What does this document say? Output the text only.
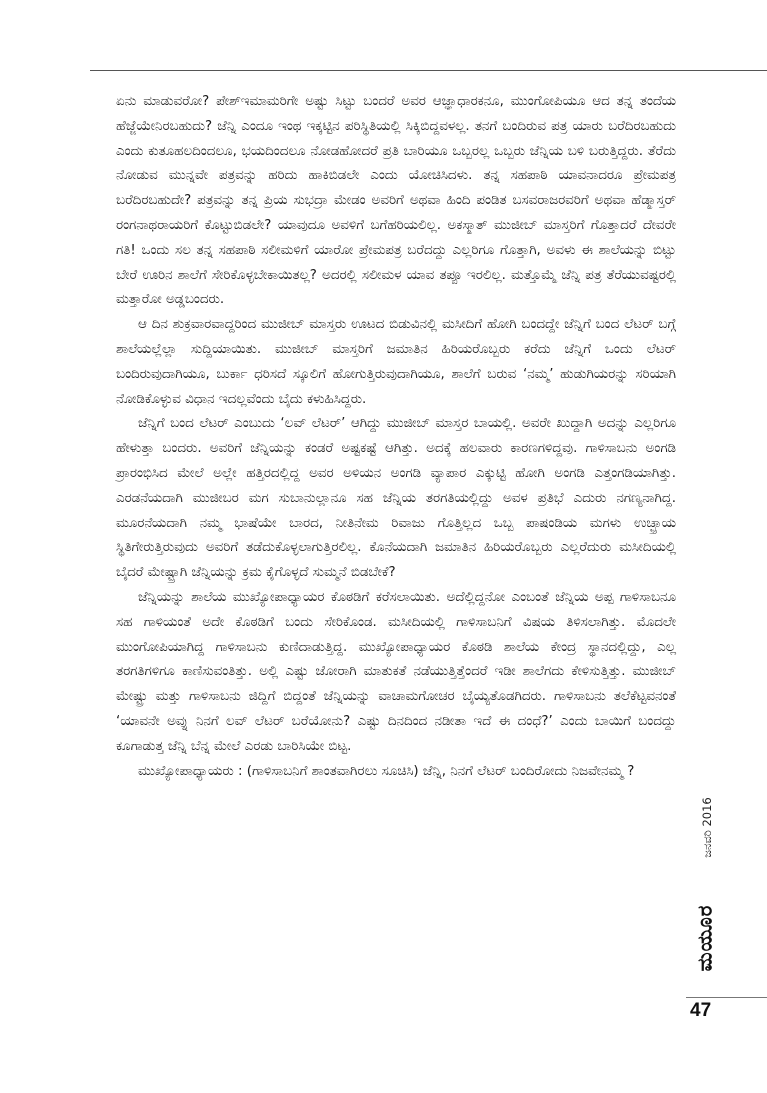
ಏನು ಮಾಡುವರೋ? ಪೇಶ್ಇಮಾಮರಿಗೇ ಅಷ್ಟು ಸಿಟ್ಟು ಬಂದರೆ ಅವರ ಆಜ್ಞಾಧಾರಕನೂ, ಮುಂಗೋಪಿಯೂ ಆದ ತನ್ನ ತಂದೆಯ ಹೆಜ್ಜೆಯೇನಿರಬಹುದು? ಜೆನ್ನಿ ಎಂದೂ ಇಂಥ ಇಕ್ಕಟ್ಟಿನ ಪರಿಸ್ಥಿತಿಯಲ್ಲಿ ಸಿಕ್ಕಿಬಿದ್ದವಳಲ್ಲ. ತನಗೆ ಬಂದಿರುವ ಪತ್ರ ಯಾರು ಬರೆದಿರಬಹುದು ಎಂದು ಕುತೂಹಲದಿಂದಲೂ, ಭಯದಿಂದಲೂ ನೋಡಹೋದರೆ ಪ್ರತಿ ಬಾರಿಯೂ ಒಬ್ಬರಲ್ಲ ಒಬ್ಬರು ಜೆನ್ನಿಯ ಬಳಿ ಬರುತ್ತಿದ್ದರು. ತೆರೆದು ನೋಡುವ ಮುನ್ನವೇ ಪತ್ರವನ್ನು ಹರಿದು ಹಾಕಿಬಿಡಲೇ ಎಂದು ಯೋಚಿಸಿದಳು. ತನ್ನ ಸಹಪಾಠಿ ಯಾವನಾದರೂ ಪ್ರೇಮಪತ್ರ ಬರೆದಿರಬಹುದೇ? ಪತ್ರವನ್ನು ತನ್ನ ಪ್ರಿಯ ಸುಭದ್ರಾ ಮೇಡಂ ಅವರಿಗೆ ಅಥವಾ ಹಿಂದಿ ಪಂಡಿತ ಬಸವರಾಜರವರಿಗೆ ಅಥವಾ ಹೆಡ್ಮಾಸ್ತರ್ ರಂಗನಾಥರಾಯರಿಗೆ ಕೊಟ್ಟುಬಿಡಲೇ? ಯಾವುದೂ ಅವಳಿಗೆ ಬಗೆಹರಿಯಲಿಲ್ಲ. ಅಕಸ್ಮಾತ್ ಮುಜೀಬ್ ಮಾಸ್ತರಿಗೆ ಗೊತ್ತಾದರೆ ದೇವರೇ ಗತಿ! ಒಂದು ಸಲ ತನ್ನ ಸಹಪಾಠಿ ಸಲೀಮಳಿಗೆ ಯಾರೋ ಪ್ರೇಮಪತ್ರ ಬರೆದದ್ದು ಎಲ್ಲರಿಗೂ ಗೊತ್ತಾಗಿ, ಅವಳು ಈ ಶಾಲೆಯನ್ನು ಬಿಟ್ಟು ಬೇರೆ ಊರಿನ ಶಾಲೆಗೆ ಸೇರಿಕೊಳ್ಳಬೇಕಾಯಿತಲ್ಲ? ಅದರಲ್ಲಿ ಸಲೀಮಳ ಯಾವ ತಪ್ಪೂ ಇರಲಿಲ್ಲ. ಮತ್ತೊಮ್ಮೆ ಜೆನ್ನಿ ಪತ್ರ ತೆರೆಯುವಷ್ಟರಲ್ಲಿ ಮತ್ತಾರೋ ಅಡ್ಡಬಂದರು.

ಆ ದಿನ ಶುಕ್ರವಾರವಾದ್ದರಿಂದ ಮುಜೀಬ್ ಮಾಸ್ತರು ಊಟದ ಬಿಡುವಿನಲ್ಲಿ ಮಸೀದಿಗೆ ಹೋಗಿ ಬಂದದ್ದೇ ಜೆನ್ನಿಗೆ ಬಂದ ಲೆಟರ್ ಬಗ್ಗೆ ಶಾಲೆಯಲ್ಲೆಲ್ಲಾ ಸುದ್ದಿಯಾಯಿತು. ಮುಜೀಬ್ ಮಾಸ್ತರಿಗೆ ಜಮಾತಿನ ಹಿರಿಯರೊಬ್ಬರು ಕರೆದು ಜೆನ್ನಿಗೆ ಒಂದು ಲೆಟರ್ ಬಂದಿರುವುದಾಗಿಯೂ, ಬುರ್ಕಾ ಧರಿಸದೆ ಸ್ಕೂಲಿಗೆ ಹೋಗುತ್ತಿರುವುದಾಗಿಯೂ, ಶಾಲೆಗೆ ಬರುವ ‘ನಮ್ಮ’ ಹುಡುಗಿಯರನ್ನು ಸರಿಯಾಗಿ ನೋಡಿಕೊಳ್ಳುವ ವಿಧಾನ ಇದಲ್ಲವೆಂದು ಬೈದು ಕಳುಹಿಸಿದ್ದರು.

ಜೆನ್ನಿಗೆ ಬಂದ ಲೆಟರ್ ಎಂಬುದು ‘ಲವ್ ಲೆಟರ್’ ಆಗಿದ್ದು ಮುಜೀಬ್ ಮಾಸ್ತರ ಬಾಯಲ್ಲಿ. ಅವರೇ ಖುದ್ದಾಗಿ ಅದನ್ನು ಎಲ್ಲರಿಗೂ ಹೇಳುತ್ತಾ ಬಂದರು. ಅವರಿಗೆ ಜೆನ್ನಿಯನ್ನು ಕಂಡರೆ ಅಷ್ಟಕಷ್ಟೆ ಆಗಿತ್ತು. ಅದಕ್ಕೆ ಹಲವಾರು ಕಾರಣಗಳಿದ್ದವು. ಗಾಳಿಸಾಬನು ಅಂಗಡಿ ಪ್ರಾರಂಭಿಸಿದ ಮೇಲೆ ಅಲ್ಲೇ ಹತ್ತಿರದಲ್ಲಿದ್ದ ಅವರ ಅಳಿಯನ ಅಂಗಡಿ ವ್ಯಾಪಾರ ಎಕ್ಕುಟ್ಟಿ ಹೋಗಿ ಅಂಗಡಿ ಎತ್ತಂಗಡಿಯಾಗಿತ್ತು. ಎರಡನೆಯದಾಗಿ ಮುಜೀಬರ ಮಗ ಸುಬಾನುಲ್ಲಾನೂ ಸಹ ಜೆನ್ನಿಯ ತರಗತಿಯಲ್ಲಿದ್ದು ಅವಳ ಪ್ರತಿಭೆ ಎದುರು ನಗಣ್ಯನಾಗಿದ್ದ. ಮೂರನೆಯದಾಗಿ ನಮ್ಮ ಭಾಷೆಯೇ ಬಾರದ, ನೀತಿನೇಮ ರಿವಾಜು ಗೊತ್ತಿಲ್ಲದ ಒಬ್ಬ ಪಾಷಂಡಿಯ ಮಗಳು ಉಚ್ಛ್ರಾಯ ಸ್ಥಿತಿಗೇರುತ್ತಿರುವುದು ಅವರಿಗೆ ತಡೆದುಕೊಳ್ಳಲಾಗುತ್ತಿರಲಿಲ್ಲ. ಕೊನೆಯದಾಗಿ ಜಮಾತಿನ ಹಿರಿಯರೊಬ್ಬರು ಎಲ್ಲರೆದುರು ಮಸೀದಿಯಲ್ಲಿ ಬೈದರೆ ಮೇಷ್ಟ್ರಾಗಿ ಜೆನ್ನಿಯನ್ನು ಕ್ರಮ ಕೈಗೊಳ್ಳದೆ ಸುಮ್ಮನೆ ಬಿಡಬೇಕೆ?

ಜೆನ್ನಿಯನ್ನು ಶಾಲೆಯ ಮುಖ್ಯೋಪಾಧ್ಯಾಯರ ಕೊಠಡಿಗೆ ಕರೆಸಲಾಯಿತು. ಅದೆಲ್ಲಿದ್ದನೋ ಎಂಬಂತೆ ಜೆನ್ನಿಯ ಅಪ್ಪ ಗಾಳಿಸಾಬನೂ ಸಹ ಗಾಳಿಯಂತೆ ಅದೇ ಕೊಠಡಿಗೆ ಬಂದು ಸೇರಿಕೊಂಡ. ಮಸೀದಿಯಲ್ಲಿ ಗಾಳಿಸಾಬನಿಗೆ ವಿಷಯ ತಿಳಿಸಲಾಗಿತ್ತು. ಮೊದಲೇ ಮುಂಗೋಪಿಯಾಗಿದ್ದ ಗಾಳಿಸಾಬನು ಕುಣಿದಾಡುತ್ತಿದ್ದ. ಮುಖ್ಯೋಪಾಧ್ಯಾಯರ ಕೊಠಡಿ ಶಾಲೆಯ ಕೇಂದ್ರ ಸ್ಥಾನದಲ್ಲಿದ್ದು, ಎಲ್ಲ ತರಗತಿಗಳಿಗೂ ಕಾಣಿಸುವಂತಿತ್ತು. ಅಲ್ಲಿ ಎಷ್ಟು ಜೋರಾಗಿ ಮಾತುಕತೆ ನಡೆಯುತ್ತಿತ್ತೆಂದರೆ ಇಡೀ ಶಾಲೆಗದು ಕೇಳಿಸುತ್ತಿತ್ತು. ಮುಜೀಬ್ ಮೇಷ್ಟ್ರು ಮತ್ತು ಗಾಳಿಸಾಬನು ಜಿದ್ದಿಗೆ ಬಿದ್ದಂತೆ ಜೆನ್ನಿಯನ್ನು ವಾಚಾಮಗೋಚರ ಬೈಯ್ಯತೊಡಗಿದರು. ಗಾಳಿಸಾಬನು ತಲೆಕೆಟ್ಟವನಂತೆ ‘ಯಾವನೇ ಅವ್ನು ನಿನಗೆ ಲವ್ ಲೆಟರ್ ಬರೆಯೋನು? ಎಷ್ಟು ದಿನದಿಂದ ನಡೀತಾ ಇದೆ ಈ ದಂಧೆ?’ ಎಂದು ಬಾಯಿಗೆ ಬಂದದ್ದು ಕೂಗಾಡುತ್ತ ಜೆನ್ನಿ ಬೆನ್ನ ಮೇಲೆ ಎರಡು ಬಾರಿಸಿಯೇ ಬಿಟ್ಟ.

ಮುಖ್ಯೋಪಾಧ್ಯಾಯರು : (ಗಾಳಿಸಾಬನಿಗೆ ಶಾಂತವಾಗಿರಲು ಸೂಚಿಸಿ) ಜೆನ್ನಿ, ನಿನಗೆ ಲೆಟರ್ ಬಂದಿರೋದು ನಿಜವೇನಮ್ಮ ?

ಜನವರಿ 2016
ಮಯೂರ
47
